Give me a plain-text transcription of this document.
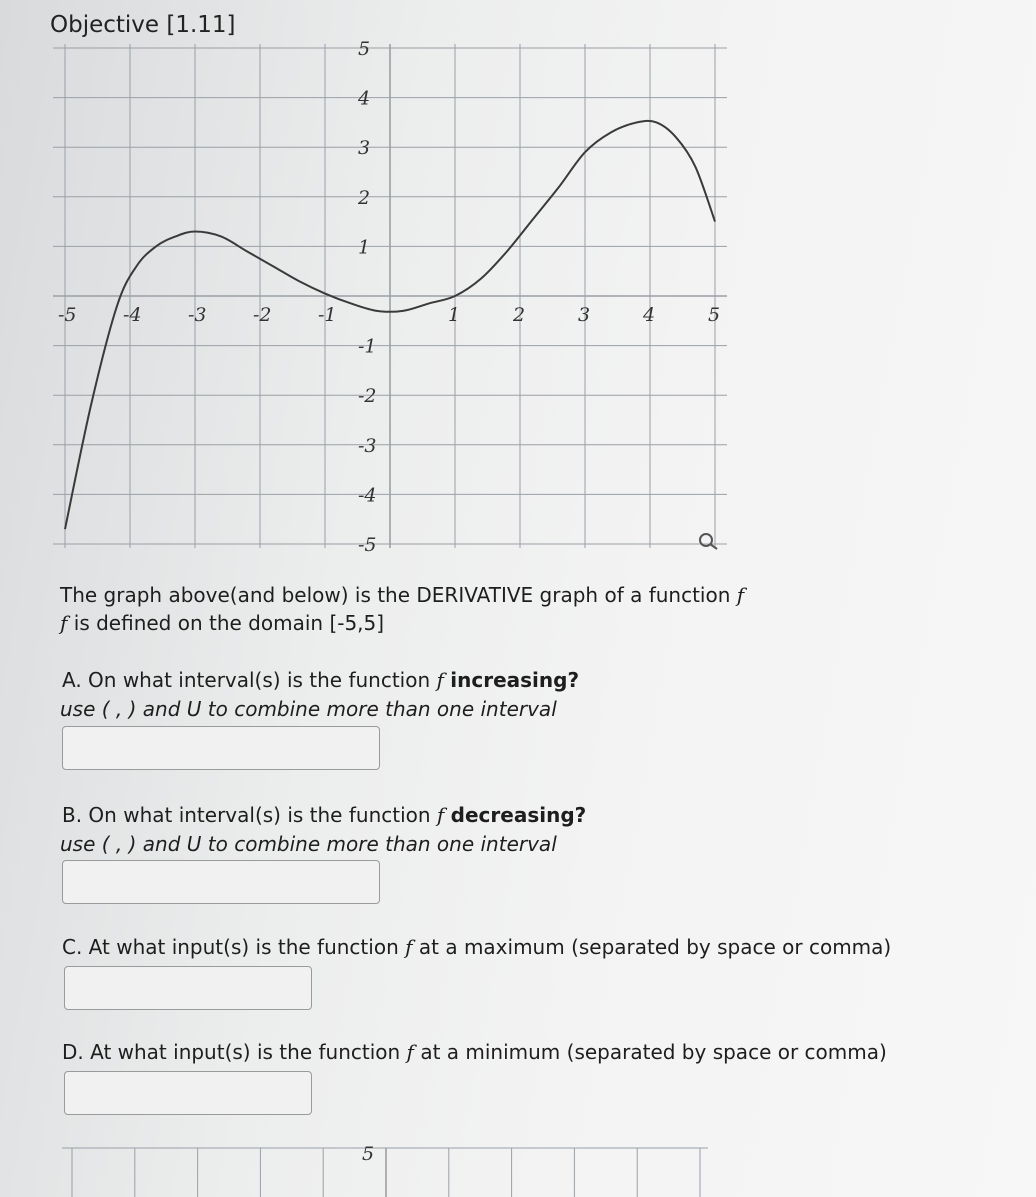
Objective [1.11]
-5 -4 -3 -2 -1	1	2	3	4	5
5
4
3
2
1
-1
-2
-3
-4
-5
The graph above(and below) is the DERIVATIVE graph of a function f
f is defined on the domain [-5,5]
A. On what interval(s) is the function f increasing?
use ( , ) and U to combine more than one interval
B. On what interval(s) is the function f decreasing?
use ( , ) and U to combine more than one interval
C. At what input(s) is the function f at a maximum (separated by space or comma)
D. At what input(s) is the function f at a minimum (separated by space or comma)
5
